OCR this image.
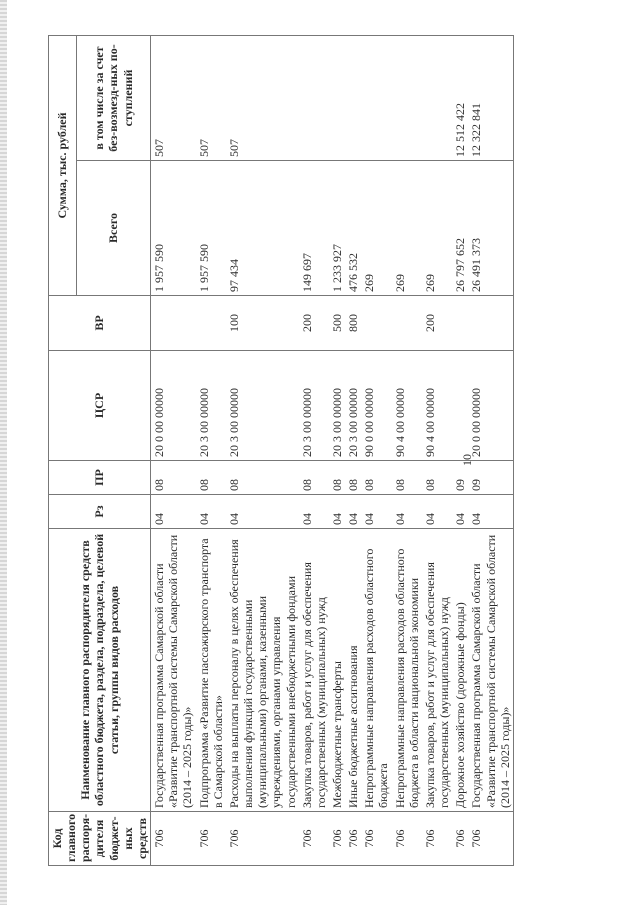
10
Код главного распоря-дителя бюджет-ных средств	Наименование главного распорядителя средств областного бюджета, раздела, подраздела, целевой статьи, группы видов расходов	Рз	ПР	ЦСР	ВР	Сумма, тыс. рублей	
						Всего	в том числе за счет без-возмезд-ных по-ступлений
706	Государственная программа Самарской области «Развитие транспортной системы Самарской области (2014 – 2025 годы)»	04	08	20 0 00 00000		1 957 590	507
706	Подпрограмма «Развитие пассажирского транспорта в Самарской области»	04	08	20 3 00 00000		1 957 590	507
706	Расходы на выплаты персоналу в целях обеспечения выполнения функций государственными (муниципальными) органами, казенными учреждениями, органами управления государственными внебюджетными фондами	04	08	20 3 00 00000	100	97 434	507
706	Закупка товаров, работ и услуг для обеспечения государственных (муниципальных) нужд	04	08	20 3 00 00000	200	149 697	
706	Межбюджетные трансферты	04	08	20 3 00 00000	500	1 233 927	
706	Иные бюджетные ассигнования	04	08	20 3 00 00000	800	476 532	
706	Непрограммные направления расходов областного бюджета	04	08	90 0 00 00000		269	
706	Непрограммные направления расходов областного бюджета в области национальной экономики	04	08	90 4 00 00000		269	
706	Закупка товаров, работ и услуг для обеспечения государственных (муниципальных) нужд	04	08	90 4 00 00000	200	269	
706	Дорожное хозяйство (дорожные фонды)	04	09			26 797 652	12 512 422
706	Государственная программа Самарской области «Развитие транспортной системы Самарской области (2014 – 2025 годы)»	04	09	20 0 00 00000		26 491 373	12 322 841
